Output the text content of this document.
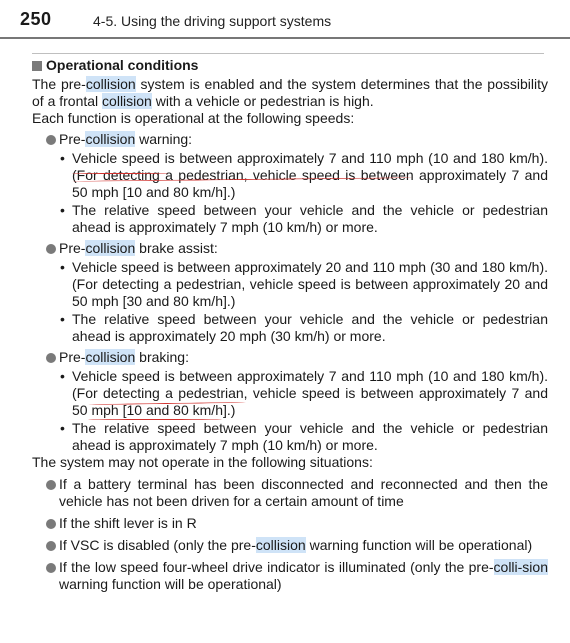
250	4-5. Using the driving support systems
Operational conditions

The pre-collision system is enabled and the system determines that the possibility of a frontal collision with a vehicle or pedestrian is high.

Each function is operational at the following speeds:

Pre-collision warning:
• Vehicle speed is between approximately 7 and 110 mph (10 and 180 km/h). (For detecting a pedestrian, vehicle speed is between approximately 7 and 50 mph [10 and 80 km/h].)
• The relative speed between your vehicle and the vehicle or pedestrian ahead is approximately 7 mph (10 km/h) or more.
Pre-collision brake assist:
• Vehicle speed is between approximately 20 and 110 mph (30 and 180 km/h). (For detecting a pedestrian, vehicle speed is between approximately 20 and 50 mph [30 and 80 km/h].)
• The relative speed between your vehicle and the vehicle or pedestrian ahead is approximately 20 mph (30 km/h) or more.
Pre-collision braking:
• Vehicle speed is between approximately 7 and 110 mph (10 and 180 km/h). (For detecting a pedestrian, vehicle speed is between approximately 7 and 50 mph [10 and 80 km/h].)
• The relative speed between your vehicle and the vehicle or pedestrian ahead is approximately 7 mph (10 km/h) or more.

The system may not operate in the following situations:

If a battery terminal has been disconnected and reconnected and then the vehicle has not been driven for a certain amount of time
If the shift lever is in R
If VSC is disabled (only the pre-collision warning function will be operational)
If the low speed four-wheel drive indicator is illuminated (only the pre-colli-sion warning function will be operational)
